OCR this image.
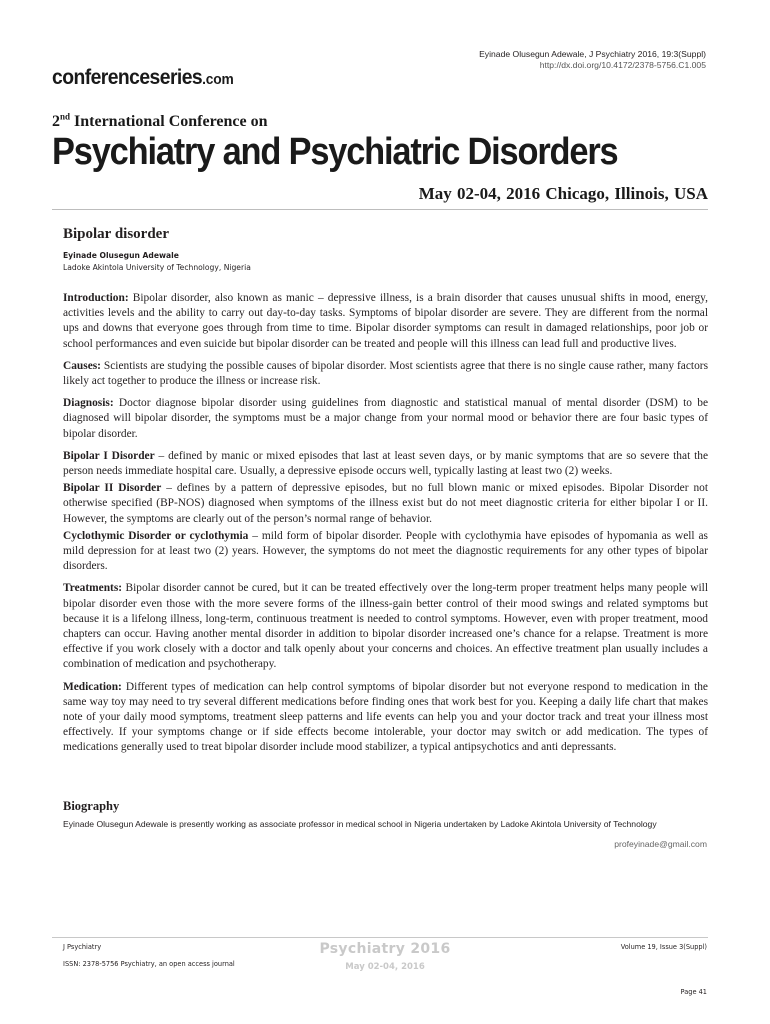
Eyinade Olusegun Adewale, J Psychiatry 2016, 19:3(Suppl)
http://dx.doi.org/10.4172/2378-5756.C1.005
conferenceseries.com
2nd International Conference on
Psychiatry and Psychiatric Disorders
May 02-04, 2016 Chicago, Illinois, USA
Bipolar disorder
Eyinade Olusegun Adewale
Ladoke Akintola University of Technology, Nigeria

Introduction: Bipolar disorder, also known as manic – depressive illness, is a brain disorder that causes unusual shifts in mood, energy, activities levels and the ability to carry out day-to-day tasks. Symptoms of bipolar disorder are severe. They are different from the normal ups and downs that everyone goes through from time to time. Bipolar disorder symptoms can result in damaged relationships, poor job or school performances and even suicide but bipolar disorder can be treated and people will this illness can lead full and productive lives.

Causes: Scientists are studying the possible causes of bipolar disorder. Most scientists agree that there is no single cause rather, many factors likely act together to produce the illness or increase risk.

Diagnosis: Doctor diagnose bipolar disorder using guidelines from diagnostic and statistical manual of mental disorder (DSM) to be diagnosed will bipolar disorder, the symptoms must be a major change from your normal mood or behavior there are four basic types of bipolar disorder.

Bipolar I Disorder – defined by manic or mixed episodes that last at least seven days, or by manic symptoms that are so severe that the person needs immediate hospital care. Usually, a depressive episode occurs well, typically lasting at least two (2) weeks.

Bipolar II Disorder – defines by a pattern of depressive episodes, but no full blown manic or mixed episodes. Bipolar Disorder not otherwise specified (BP-NOS) diagnosed when symptoms of the illness exist but do not meet diagnostic criteria for either bipolar I or II. However, the symptoms are clearly out of the person’s normal range of behavior.

Cyclothymic Disorder or cyclothymia – mild form of bipolar disorder. People with cyclothymia have episodes of hypomania as well as mild depression for at least two (2) years. However, the symptoms do not meet the diagnostic requirements for any other types of bipolar disorders.

Treatments: Bipolar disorder cannot be cured, but it can be treated effectively over the long-term proper treatment helps many people will bipolar disorder even those with the more severe forms of the illness-gain better control of their mood swings and related symptoms but because it is a lifelong illness, long-term, continuous treatment is needed to control symptoms. However, even with proper treatment, mood chapters can occur. Having another mental disorder in addition to bipolar disorder increased one’s chance for a relapse. Treatment is more effective if you work closely with a doctor and talk openly about your concerns and choices. An effective treatment plan usually includes a combination of medication and psychotherapy.

Medication: Different types of medication can help control symptoms of bipolar disorder but not everyone respond to medication in the same way toy may need to try several different medications before finding ones that work best for you. Keeping a daily life chart that makes note of your daily mood symptoms, treatment sleep patterns and life events can help you and your doctor track and treat your illness most effectively. If your symptoms change or if side effects become intolerable, your doctor may switch or add medication. The types of medications generally used to treat bipolar disorder include mood stabilizer, a typical antipsychotics and anti depressants.

Biography
Eyinade Olusegun Adewale is presently working as associate professor in medical school in Nigeria undertaken by Ladoke Akintola University of Technology
profeyinade@gmail.com
J Psychiatry
ISSN: 2378-5756 Psychiatry, an open access journal
Psychiatry 2016
May 02-04, 2016
Volume 19, Issue 3(Suppl)
Page 41
